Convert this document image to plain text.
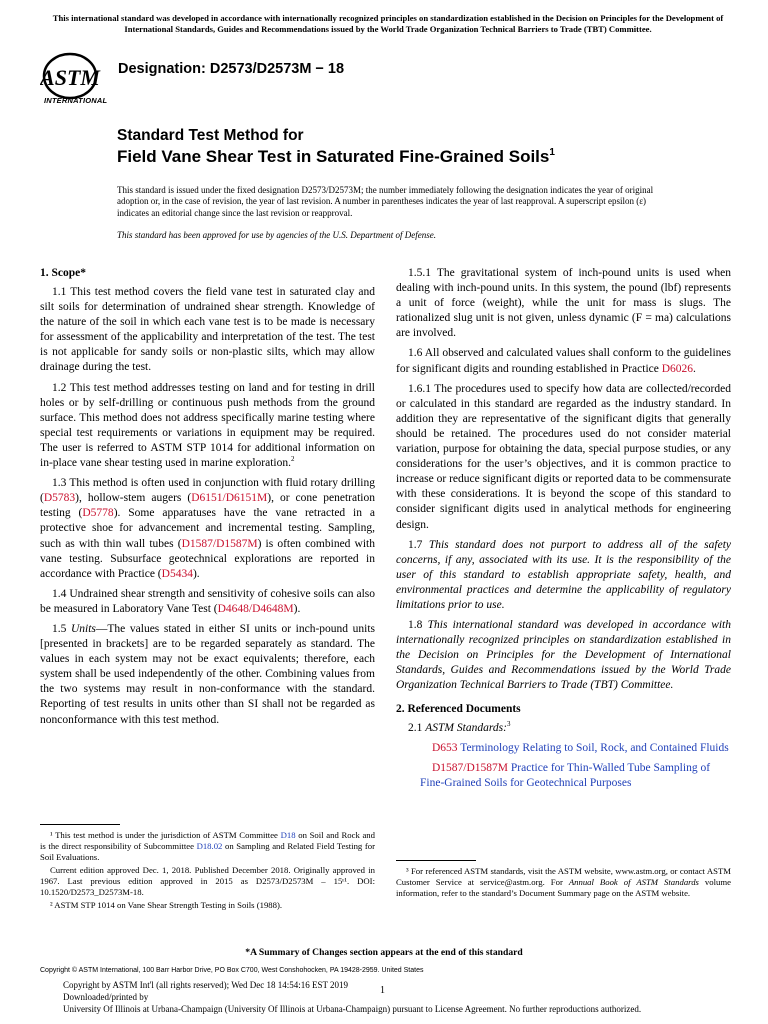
This international standard was developed in accordance with internationally recognized principles on standardization established in the Decision on Principles for the Development of International Standards, Guides and Recommendations issued by the World Trade Organization Technical Barriers to Trade (TBT) Committee.
ASTM
INTERNATIONAL
Designation: D2573/D2573M − 18
Standard Test Method for
Field Vane Shear Test in Saturated Fine-Grained Soils$^1$
This standard is issued under the fixed designation D2573/D2573M; the number immediately following the designation indicates the year of original adoption or, in the case of revision, the year of last revision. A number in parentheses indicates the year of last reapproval. A superscript epsilon (ε) indicates an editorial change since the last revision or reapproval.
This standard has been approved for use by agencies of the U.S. Department of Defense.
1. Scope*

1.1 This test method covers the field vane test in saturated clay and silt soils for determination of undrained shear strength. Knowledge of the nature of the soil in which each vane test is to be made is necessary for assessment of the applicability and interpretation of the test. The test is not applicable for sandy soils or non-plastic silts, which may allow drainage during the test.

1.2 This test method addresses testing on land and for testing in drill holes or by self-drilling or continuous push methods from the ground surface. This method does not address specifically marine testing where special test requirements or variations in equipment may be required. The user is referred to ASTM STP 1014 for additional information on in-place vane shear testing used in marine exploration.$^2$

1.3 This method is often used in conjunction with fluid rotary drilling (D5783), hollow-stem augers (D6151/D6151M), or cone penetration testing (D5778). Some apparatuses have the vane retracted in a protective shoe for advancement and incremental testing. Sampling, such as with thin wall tubes (D1587/D1587M) is often combined with vane testing. Subsurface geotechnical explorations are reported in accordance with Practice (D5434).

1.4 Undrained shear strength and sensitivity of cohesive soils can also be measured in Laboratory Vane Test (D4648/D4648M).

1.5 Units—The values stated in either SI units or inch-pound units [presented in brackets] are to be regarded separately as standard. The values in each system may not be exact equivalents; therefore, each system shall be used independently of the other. Combining values from the two systems may result in non-conformance with the standard. Reporting of test results in units other than SI shall not be regarded as nonconformance with this test method.

1.5.1 The gravitational system of inch-pound units is used when dealing with inch-pound units. In this system, the pound (lbf) represents a unit of force (weight), while the unit for mass is slugs. The rationalized slug unit is not given, unless dynamic (F = ma) calculations are involved.

1.6 All observed and calculated values shall conform to the guidelines for significant digits and rounding established in Practice D6026.

1.6.1 The procedures used to specify how data are collected/recorded or calculated in this standard are regarded as the industry standard. In addition they are representative of the significant digits that generally should be retained. The procedures used do not consider material variation, purpose for obtaining the data, special purpose studies, or any considerations for the user’s objectives, and it is common practice to increase or reduce significant digits or reported data to be commensurate with these considerations. It is beyond the scope of this standard to consider significant digits used in analytical methods for engineering design.

1.7 This standard does not purport to address all of the safety concerns, if any, associated with its use. It is the responsibility of the user of this standard to establish appropriate safety, health, and environmental practices and determine the applicability of regulatory limitations prior to use.

1.8 This international standard was developed in accordance with internationally recognized principles on standardization established in the Decision on Principles for the Development of International Standards, Guides and Recommendations issued by the World Trade Organization Technical Barriers to Trade (TBT) Committee.

2. Referenced Documents

2.1 ASTM Standards:$^3$

D653 Terminology Relating to Soil, Rock, and Contained Fluids

D1587/D1587M Practice for Thin-Walled Tube Sampling of Fine-Grained Soils for Geotechnical Purposes

¹ This test method is under the jurisdiction of ASTM Committee D18 on Soil and Rock and is the direct responsibility of Subcommittee D18.02 on Sampling and Related Field Testing for Soil Evaluations.

Current edition approved Dec. 1, 2018. Published December 2018. Originally approved in 1967. Last previous edition approved in 2015 as D2573/D2573M – 15ᵋ¹. DOI: 10.1520/D2573_D2573M-18.

² ASTM STP 1014 on Vane Shear Strength Testing in Soils (1988).

³ For referenced ASTM standards, visit the ASTM website, www.astm.org, or contact ASTM Customer Service at service@astm.org. For Annual Book of ASTM Standards volume information, refer to the standard’s Document Summary page on the ASTM website.

*A Summary of Changes section appears at the end of this standard
Copyright © ASTM International, 100 Barr Harbor Drive, PO Box C700, West Conshohocken, PA 19428-2959. United States
Copyright by ASTM Int'l (all rights reserved); Wed Dec 18 14:54:16 EST 2019
Downloaded/printed by
University Of Illinois at Urbana-Champaign (University Of Illinois at Urbana-Champaign) pursuant to License Agreement. No further reproductions authorized.
1
